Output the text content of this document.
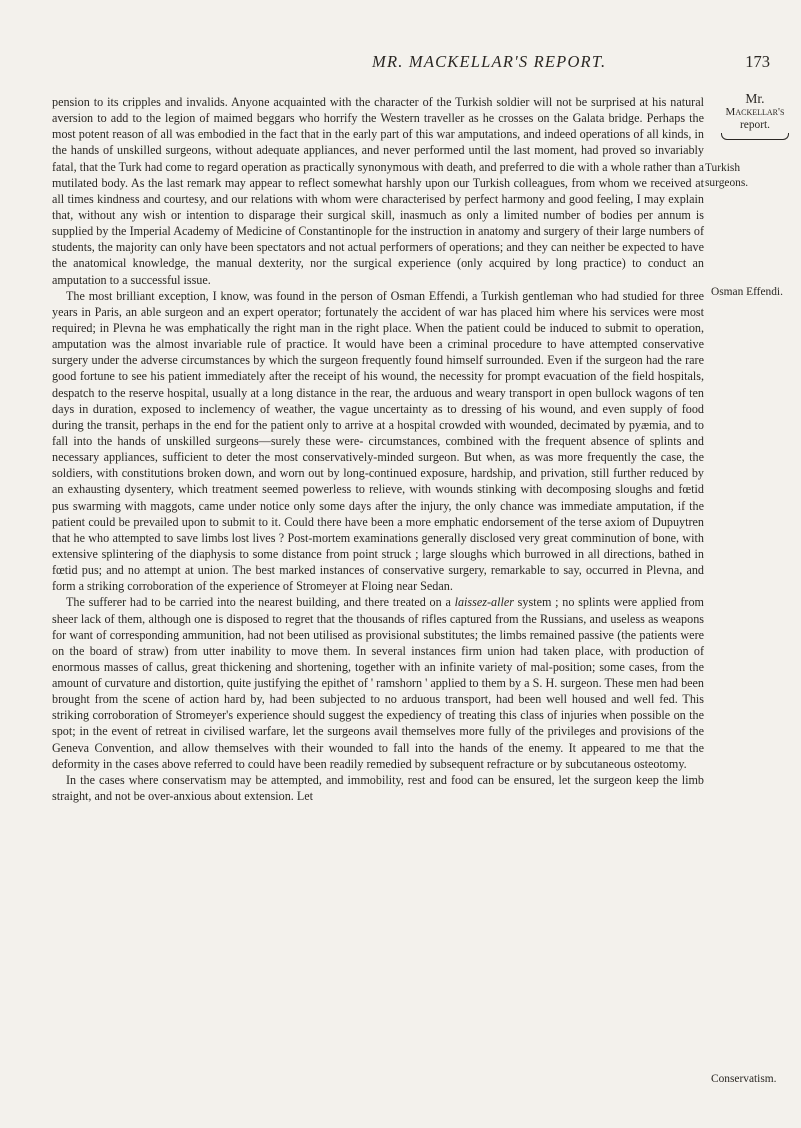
MR. MACKELLAR'S REPORT.	173

pension to its cripples and invalids. Anyone acquainted with the character of the Turkish soldier will not be surprised at his natural aversion to add to the legion of maimed beggars who horrify the Western traveller as he crosses on the Galata bridge. Perhaps the most potent reason of all was embodied in the fact that in the early part of this war amputations, and indeed operations of all kinds, in the hands of unskilled surgeons, without adequate appliances, and never performed until the last moment, had proved so invariably fatal, that the Turk had come to regard operation as practically synonymous with death, and preferred to die with a whole rather than a mutilated body. As the last remark may appear to reflect somewhat harshly upon our Turkish colleagues, from whom we received at all times kindness and courtesy, and our relations with whom were characterised by perfect harmony and good feeling, I may explain that, without any wish or intention to disparage their surgical skill, inasmuch as only a limited number of bodies per annum is supplied by the Imperial Academy of Medicine of Constantinople for the instruction in anatomy and surgery of their large numbers of students, the majority can only have been spectators and not actual performers of operations; and they can neither be expected to have the anatomical knowledge, the manual dexterity, nor the surgical experience (only acquired by long practice) to conduct an amputation to a successful issue.

The most brilliant exception, I know, was found in the person of Osman Effendi, a Turkish gentleman who had studied for three years in Paris, an able surgeon and an expert operator; fortunately the accident of war has placed him where his services were most required; in Plevna he was emphatically the right man in the right place. When the patient could be induced to submit to operation, amputation was the almost invariable rule of practice. It would have been a criminal procedure to have attempted conservative surgery under the adverse circumstances by which the surgeon frequently found himself surrounded. Even if the surgeon had the rare good fortune to see his patient immediately after the receipt of his wound, the necessity for prompt evacuation of the field hospitals, despatch to the reserve hospital, usually at a long distance in the rear, the arduous and weary transport in open bullock wagons of ten days in duration, exposed to inclemency of weather, the vague uncertainty as to dressing of his wound, and even supply of food during the transit, perhaps in the end for the patient only to arrive at a hospital crowded with wounded, decimated by pyæmia, and to fall into the hands of unskilled surgeons—surely these were- circumstances, combined with the frequent absence of splints and necessary appliances, sufficient to deter the most conservatively-minded surgeon. But when, as was more frequently the case, the soldiers, with constitutions broken down, and worn out by long-continued exposure, hardship, and privation, still further reduced by an exhausting dysentery, which treatment seemed powerless to relieve, with wounds stinking with decomposing sloughs and fœtid pus swarming with maggots, came under notice only some days after the injury, the only chance was immediate amputation, if the patient could be prevailed upon to submit to it. Could there have been a more emphatic endorsement of the terse axiom of Dupuytren that he who attempted to save limbs lost lives ? Post-mortem examinations generally disclosed very great comminution of bone, with extensive splintering of the diaphysis to some distance from point struck ; large sloughs which burrowed in all directions, bathed in fœtid pus; and no attempt at union. The best marked instances of conservative surgery, remarkable to say, occurred in Plevna, and form a striking corroboration of the experience of Stromeyer at Floing near Sedan.

The sufferer had to be carried into the nearest building, and there treated on a laissez-aller system ; no splints were applied from sheer lack of them, although one is disposed to regret that the thousands of rifles captured from the Russians, and useless as weapons for want of corresponding ammunition, had not been utilised as provisional substitutes; the limbs remained passive (the patients were on the board of straw) from utter inability to move them. In several instances firm union had taken place, with production of enormous masses of callus, great thickening and shortening, together with an infinite variety of mal-position; some cases, from the amount of curvature and distortion, quite justifying the epithet of ' ramshorn ' applied to them by a S. H. surgeon. These men had been brought from the scene of action hard by, had been subjected to no arduous transport, had been well housed and well fed. This striking corroboration of Stromeyer's experience should suggest the expediency of treating this class of injuries when possible on the spot; in the event of retreat in civilised warfare, let the surgeons avail themselves more fully of the privileges and provisions of the Geneva Convention, and allow themselves with their wounded to fall into the hands of the enemy. It appeared to me that the deformity in the cases above referred to could have been readily remedied by subsequent refracture or by subcutaneous osteotomy.

In the cases where conservatism may be attempted, and immobility, rest and food can be ensured, let the surgeon keep the limb straight, and not be over-anxious about extension. Let

Mr.
Mackellar's
report.
Turkish
surgeons.
Osman Effendi.
Conservatism.
